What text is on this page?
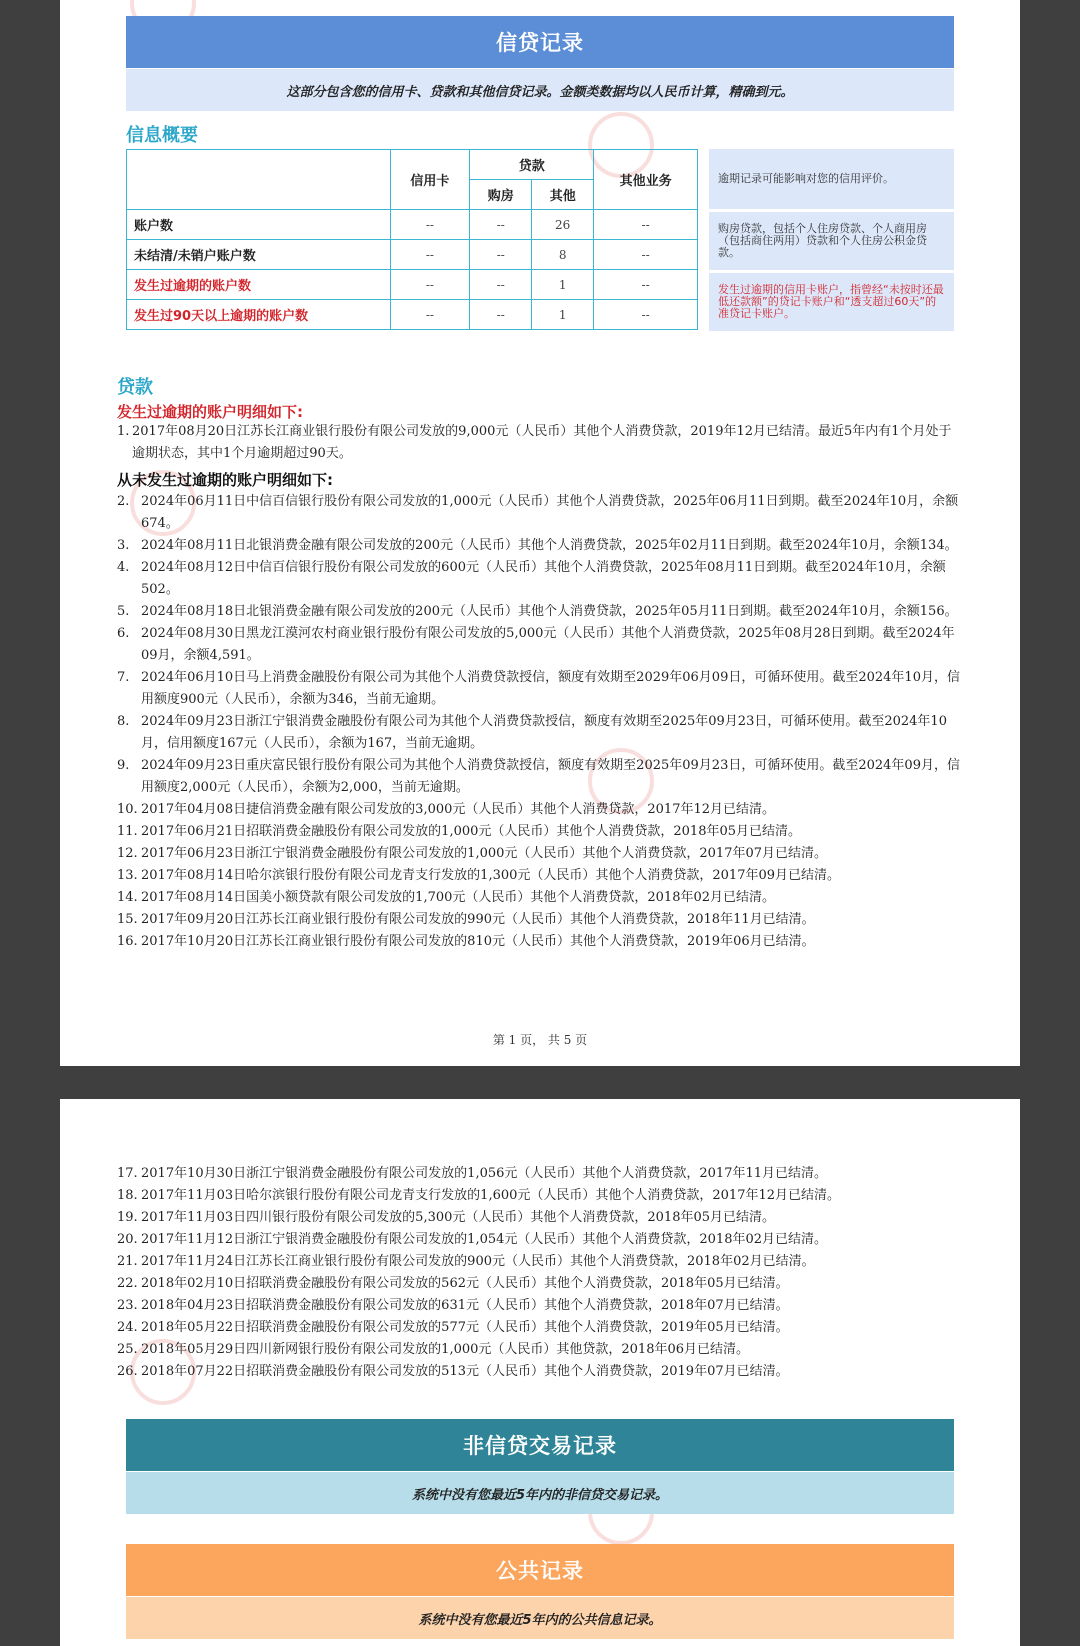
信贷记录
这部分包含您的信用卡、贷款和其他信贷记录。金额类数据均以人民币计算，精确到元。
信息概要
	信用卡	贷款		其他业务
		购房	其他	
账户数	--	--	26	--
未结清/未销户账户数	--	--	8	--
发生过逾期的账户数	--	--	1	--
发生过90天以上逾期的账户数	--	--	1	--
逾期记录可能影响对您的信用评价。
购房贷款，包括个人住房贷款、个人商用房（包括商住两用）贷款和个人住房公积金贷款。
发生过逾期的信用卡账户，指曾经“未按时还最低还款额”的贷记卡账户和“透支超过60天”的准贷记卡账户。
贷款
发生过逾期的账户明细如下:
1. 2017年08月20日江苏长江商业银行股份有限公司发放的9,000元（人民币）其他个人消费贷款，2019年12月已结清。最近5年内有1个月处于逾期状态，其中1个月逾期超过90天。
从未发生过逾期的账户明细如下:
2. 2024年06月11日中信百信银行股份有限公司发放的1,000元（人民币）其他个人消费贷款，2025年06月11日到期。截至2024年10月，余额674。
3. 2024年08月11日北银消费金融有限公司发放的200元（人民币）其他个人消费贷款，2025年02月11日到期。截至2024年10月，余额134。
4. 2024年08月12日中信百信银行股份有限公司发放的600元（人民币）其他个人消费贷款，2025年08月11日到期。截至2024年10月，余额502。
5. 2024年08月18日北银消费金融有限公司发放的200元（人民币）其他个人消费贷款，2025年05月11日到期。截至2024年10月，余额156。
6. 2024年08月30日黑龙江漠河农村商业银行股份有限公司发放的5,000元（人民币）其他个人消费贷款，2025年08月28日到期。截至2024年09月，余额4,591。
7. 2024年06月10日马上消费金融股份有限公司为其他个人消费贷款授信，额度有效期至2029年06月09日，可循环使用。截至2024年10月，信用额度900元（人民币），余额为346，当前无逾期。
8. 2024年09月23日浙江宁银消费金融股份有限公司为其他个人消费贷款授信，额度有效期至2025年09月23日，可循环使用。截至2024年10月，信用额度167元（人民币），余额为167，当前无逾期。
9. 2024年09月23日重庆富民银行股份有限公司为其他个人消费贷款授信，额度有效期至2025年09月23日，可循环使用。截至2024年09月，信用额度2,000元（人民币），余额为2,000，当前无逾期。
10. 2017年04月08日捷信消费金融有限公司发放的3,000元（人民币）其他个人消费贷款，2017年12月已结清。
11. 2017年06月21日招联消费金融股份有限公司发放的1,000元（人民币）其他个人消费贷款，2018年05月已结清。
12. 2017年06月23日浙江宁银消费金融股份有限公司发放的1,000元（人民币）其他个人消费贷款，2017年07月已结清。
13. 2017年08月14日哈尔滨银行股份有限公司龙青支行发放的1,300元（人民币）其他个人消费贷款，2017年09月已结清。
14. 2017年08月14日国美小额贷款有限公司发放的1,700元（人民币）其他个人消费贷款，2018年02月已结清。
15. 2017年09月20日江苏长江商业银行股份有限公司发放的990元（人民币）其他个人消费贷款，2018年11月已结清。
16. 2017年10月20日江苏长江商业银行股份有限公司发放的810元（人民币）其他个人消费贷款，2019年06月已结清。
第 1 页， 共 5 页
17. 2017年10月30日浙江宁银消费金融股份有限公司发放的1,056元（人民币）其他个人消费贷款，2017年11月已结清。
18. 2017年11月03日哈尔滨银行股份有限公司龙青支行发放的1,600元（人民币）其他个人消费贷款，2017年12月已结清。
19. 2017年11月03日四川银行股份有限公司发放的5,300元（人民币）其他个人消费贷款，2018年05月已结清。
20. 2017年11月12日浙江宁银消费金融股份有限公司发放的1,054元（人民币）其他个人消费贷款，2018年02月已结清。
21. 2017年11月24日江苏长江商业银行股份有限公司发放的900元（人民币）其他个人消费贷款，2018年02月已结清。
22. 2018年02月10日招联消费金融股份有限公司发放的562元（人民币）其他个人消费贷款，2018年05月已结清。
23. 2018年04月23日招联消费金融股份有限公司发放的631元（人民币）其他个人消费贷款，2018年07月已结清。
24. 2018年05月22日招联消费金融股份有限公司发放的577元（人民币）其他个人消费贷款，2019年05月已结清。
25. 2018年05月29日四川新网银行股份有限公司发放的1,000元（人民币）其他贷款，2018年06月已结清。
26. 2018年07月22日招联消费金融股份有限公司发放的513元（人民币）其他个人消费贷款，2019年07月已结清。
非信贷交易记录
系统中没有您最近5年内的非信贷交易记录。
公共记录
系统中没有您最近5年内的公共信息记录。
